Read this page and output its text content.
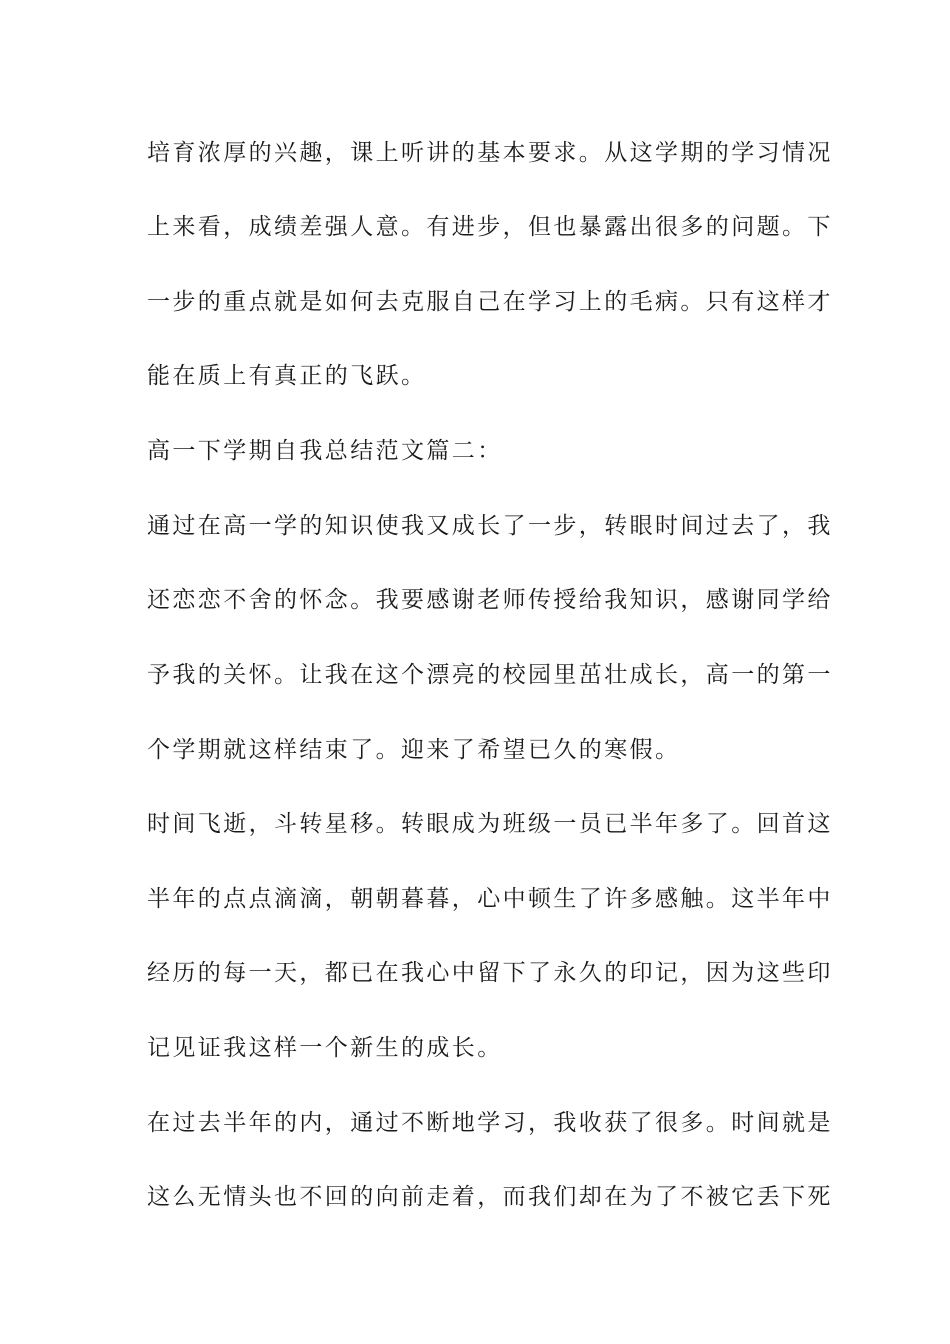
培育浓厚的兴趣，课上听讲的基本要求。从这学期的学习情况
上来看，成绩差强人意。有进步，但也暴露出很多的问题。下
一步的重点就是如何去克服自己在学习上的毛病。只有这样才
能在质上有真正的飞跃。
高一下学期自我总结范文篇二：
通过在高一学的知识使我又成长了一步，转眼时间过去了，我
还恋恋不舍的怀念。我要感谢老师传授给我知识，感谢同学给
予我的关怀。让我在这个漂亮的校园里茁壮成长，高一的第一
个学期就这样结束了。迎来了希望已久的寒假。
时间飞逝，斗转星移。转眼成为班级一员已半年多了。回首这
半年的点点滴滴，朝朝暮暮，心中顿生了许多感触。这半年中
经历的每一天，都已在我心中留下了永久的印记，因为这些印
记见证我这样一个新生的成长。
在过去半年的内，通过不断地学习，我收获了很多。时间就是
这么无情头也不回的向前走着，而我们却在为了不被它丢下死
